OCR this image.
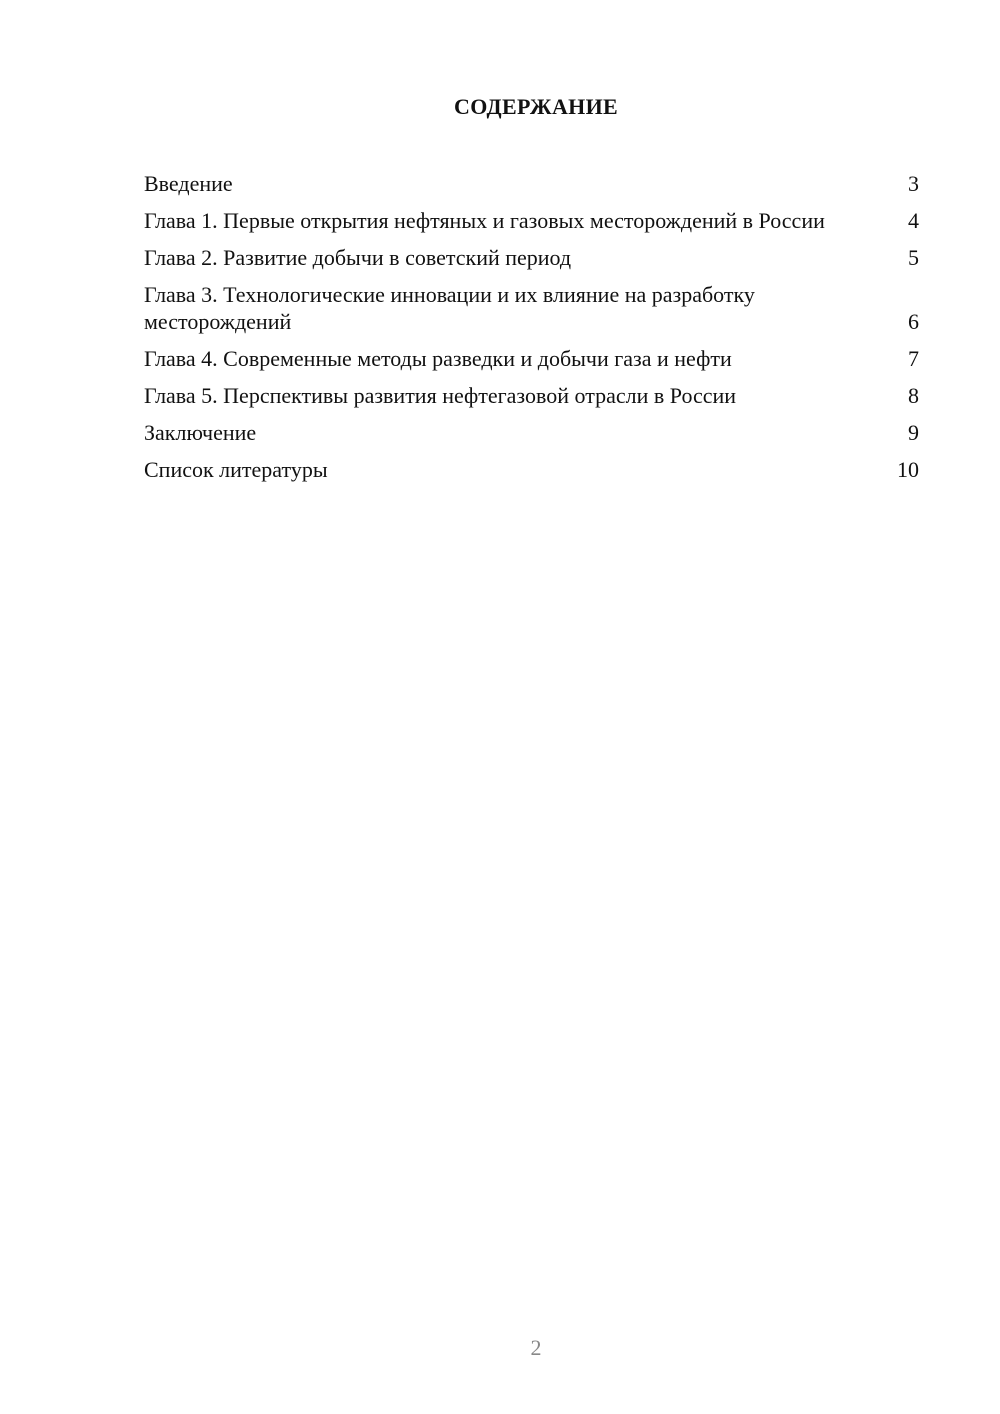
СОДЕРЖАНИЕ
Введение	3
Глава 1. Первые открытия нефтяных и газовых месторождений в России	4
Глава 2. Развитие добычи в советский период	5
Глава 3. Технологические инновации и их влияние на разработку месторождений	6
Глава 4. Современные методы разведки и добычи газа и нефти	7
Глава 5. Перспективы развития нефтегазовой отрасли в России	8
Заключение	9
Список литературы	10
2
